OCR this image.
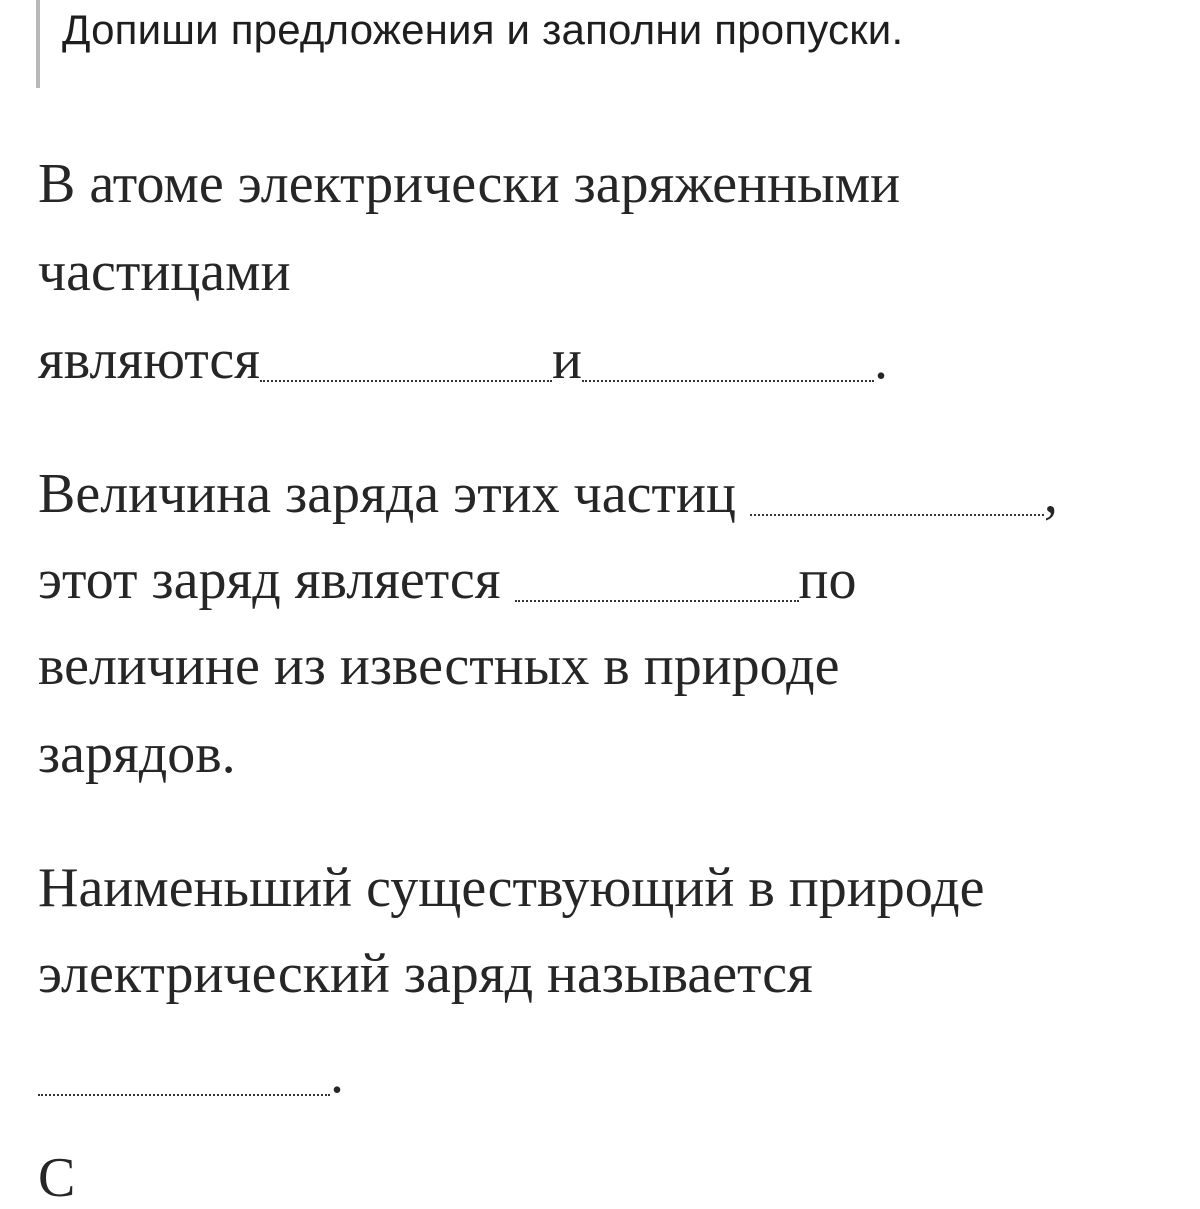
Допиши предложения и заполни пропуски.
В атоме электрически заряженными
частицами
являются	и	.
Величина заряда этих частиц	,
этот заряд является	по
величине из известных в природе
зарядов.
Наименьший существующий в природе
электрический заряд называется
.
С
